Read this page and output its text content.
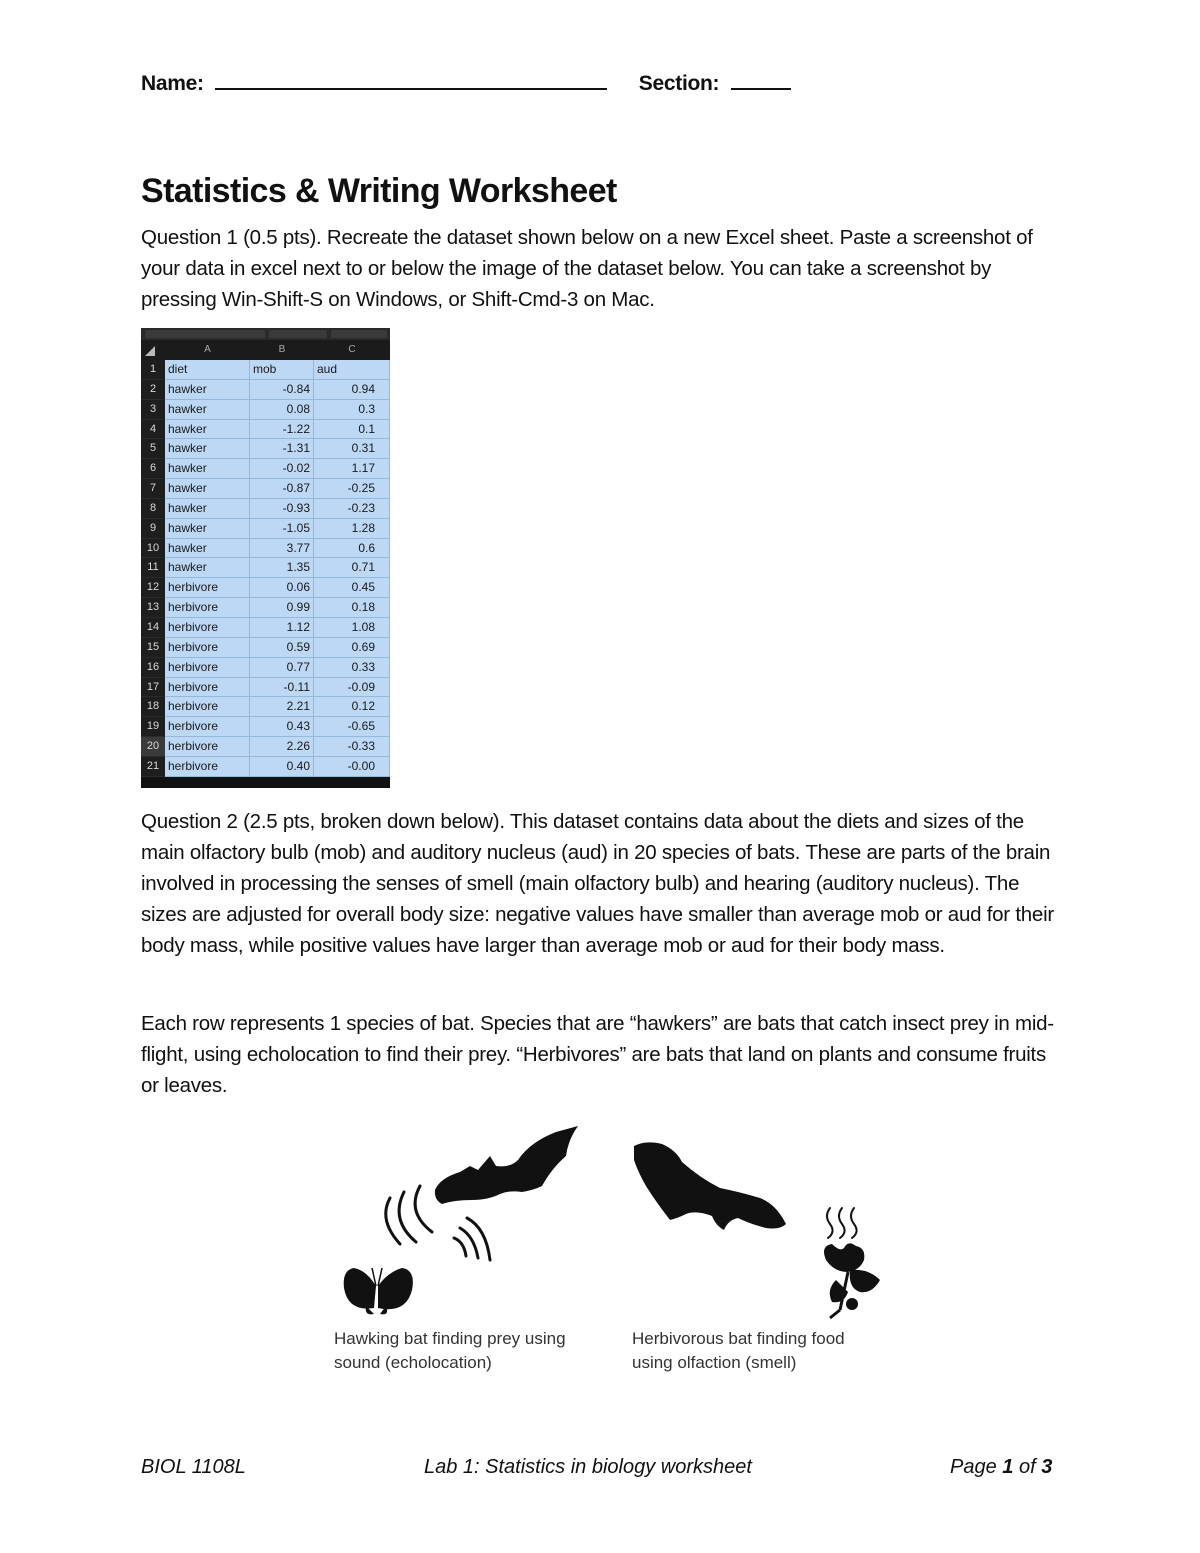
Name:	Section:
Statistics & Writing Worksheet
Question 1 (0.5 pts). Recreate the dataset shown below on a new Excel sheet. Paste a screenshot of your data in excel next to or below the image of the dataset below. You can take a screenshot by pressing Win-Shift-S on Windows, or Shift-Cmd-3 on Mac.
A	B	C
1 diet	mob	aud
2 hawker	-0.84	0.94
3 hawker	0.08	0.3
4 hawker	-1.22	0.1
5 hawker	-1.31	0.31
6 hawker	-0.02	1.17
7 hawker	-0.87	-0.25
8 hawker	-0.93	-0.23
9 hawker	-1.05	1.28
10 hawker	3.77	0.6
11 hawker	1.35	0.71
12 herbivore	0.06	0.45
13 herbivore	0.99	0.18
14 herbivore	1.12	1.08
15 herbivore	0.59	0.69
16 herbivore	0.77	0.33
17 herbivore	-0.11	-0.09
18 herbivore	2.21	0.12
19 herbivore	0.43	-0.65
20 herbivore	2.26	-0.33
21 herbivore	0.40	-0.00
Question 2 (2.5 pts, broken down below). This dataset contains data about the diets and sizes of the main olfactory bulb (mob) and auditory nucleus (aud) in 20 species of bats. These are parts of the brain involved in processing the senses of smell (main olfactory bulb) and hearing (auditory nucleus). The sizes are adjusted for overall body size: negative values have smaller than average mob or aud for their body mass, while positive values have larger than average mob or aud for their body mass.
Each row represents 1 species of bat. Species that are “hawkers” are bats that catch insect prey in mid-flight, using echolocation to find their prey. “Herbivores” are bats that land on plants and consume fruits or leaves.
Hawking bat finding prey using
sound (echolocation)
Herbivorous bat finding food
using olfaction (smell)
BIOL 1108L	Lab 1: Statistics in biology worksheet	Page 1 of 3
